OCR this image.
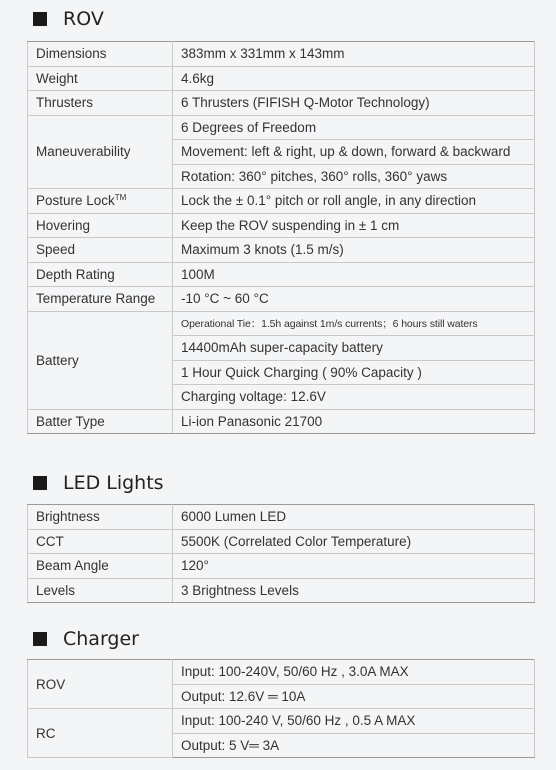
ROV
Dimensions	383mm x 331mm x 143mm
Weight	4.6kg
Thrusters	6 Thrusters (FIFISH Q-Motor Technology)
Maneuverability	6 Degrees of Freedom
	Movement: left & right, up & down, forward & backward
	Rotation: 360° pitches, 360° rolls, 360° yaws
Posture Lock™	Lock the ± 0.1° pitch or roll angle, in any direction
Hovering	Keep the ROV suspending in ± 1 cm
Speed	Maximum 3 knots (1.5 m/s)
Depth Rating	100M
Temperature Range	-10 °C ~ 60 °C
Battery	Operational Tie：1.5h against 1m/s currents；6 hours still waters
	14400mAh super-capacity battery
	1 Hour Quick Charging ( 90% Capacity )
	Charging voltage: 12.6V
Batter Type	Li-ion Panasonic 21700
LED Lights
Brightness	6000 Lumen LED
CCT	5500K (Correlated Color Temperature)
Beam Angle	120°
Levels	3 Brightness Levels
Charger
ROV	Input: 100-240V, 50/60 Hz , 3.0A MAX
	Output: 12.6V ═ 10A
RC	Input: 100-240 V, 50/60 Hz , 0.5 A MAX
	Output: 5 V═ 3A
